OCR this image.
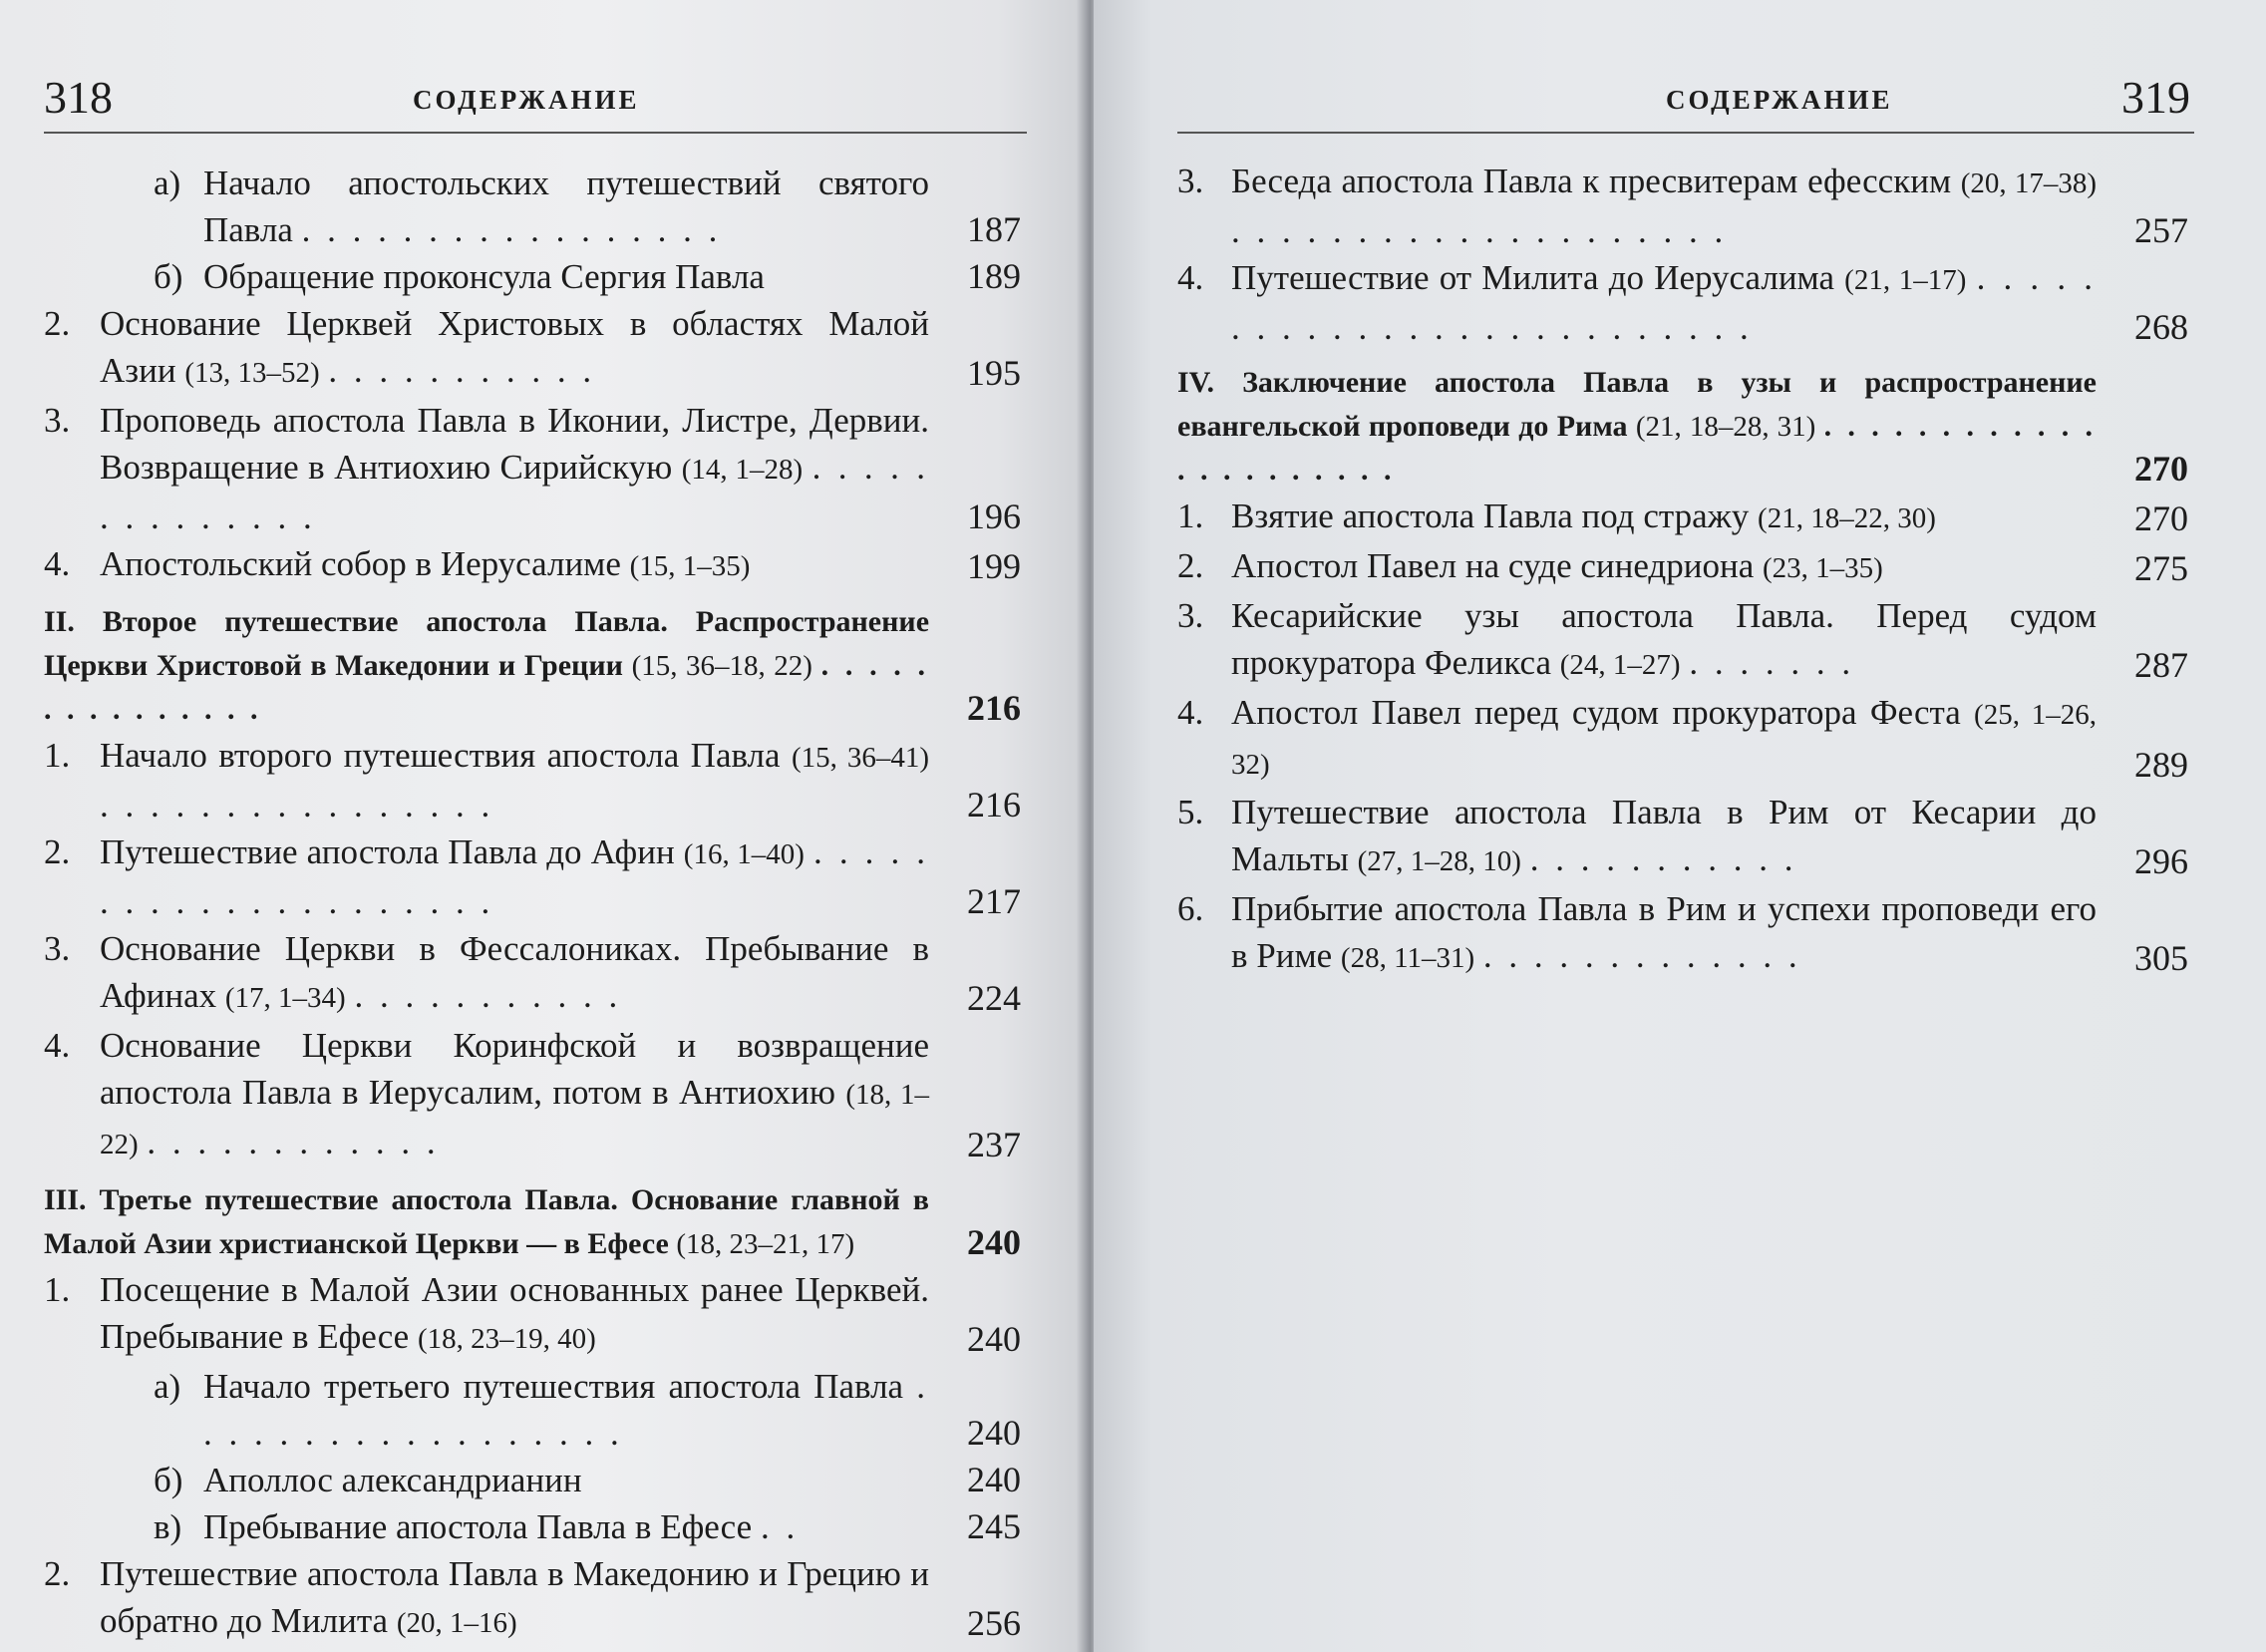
318	СОДЕРЖАНИЕ
а) Начало апостольских путешествий святого Павла . . . . . . . . . . . . . . . . .	187
б) Обращение проконсула Сергия Павла	189
2. Основание Церквей Христовых в областях Малой Азии (13, 13–52) . . . . . . . . . . .	195
3. Проповедь апостола Павла в Иконии, Листре, Дервии. Возвращение в Антиохию Сирийскую (14, 1–28) . . . . . . . . . . . . . .	196
4. Апостольский собор в Иерусалиме (15, 1–35)	199
II. Второе путешествие апостола Павла. Распространение Церкви Христовой в Македонии и Греции (15, 36–18, 22) . . . . . . . . . . . . . . .	216
1. Начало второго путешествия апостола Павла (15, 36–41) . . . . . . . . . . . . . . . .	216
2. Путешествие апостола Павла до Афин (16, 1–40) . . . . . . . . . . . . . . . . . . . . .	217
3. Основание Церкви в Фессалониках. Пребывание в Афинах (17, 1–34) . . . . . . . . . . .	224
4. Основание Церкви Коринфской и возвращение апостола Павла в Иерусалим, потом в Антиохию (18, 1–22) . . . . . . . . . . . .	237
III. Третье путешествие апостола Павла. Основание главной в Малой Азии христианской Церкви — в Ефесе (18, 23–21, 17)	240
1. Посещение в Малой Азии основанных ранее Церквей. Пребывание в Ефесе (18, 23–19, 40)	240
а) Начало третьего путешествия апостола Павла . . . . . . . . . . . . . . . . . .	240
б) Аполлос александрианин	240
в) Пребывание апостола Павла в Ефесе . .	245
2. Путешествие апостола Павла в Македонию и Грецию и обратно до Милита (20, 1–16)	256
СОДЕРЖАНИЕ	319
3. Беседа апостола Павла к пресвитерам ефесским (20, 17–38) . . . . . . . . . . . . . . . . . . . .	257
4. Путешествие от Милита до Иерусалима (21, 1–17) . . . . . . . . . . . . . . . . . . . . . . . . . .	268
IV. Заключение апостола Павла в узы и распространение евангельской проповеди до Рима (21, 18–28, 31) . . . . . . . . . . . . . . . . . . . . . .	270
1. Взятие апостола Павла под стражу (21, 18–22, 30)	270
2. Апостол Павел на суде синедриона (23, 1–35)	275
3. Кесарийские узы апостола Павла. Перед судом прокуратора Феликса (24, 1–27) . . . . . . .	287
4. Апостол Павел перед судом прокуратора Феста (25, 1–26, 32)	289
5. Путешествие апостола Павла в Рим от Кесарии до Мальты (27, 1–28, 10) . . . . . . . . . . .	296
6. Прибытие апостола Павла в Рим и успехи проповеди его в Риме (28, 11–31) . . . . . . . . . . . . .	305
